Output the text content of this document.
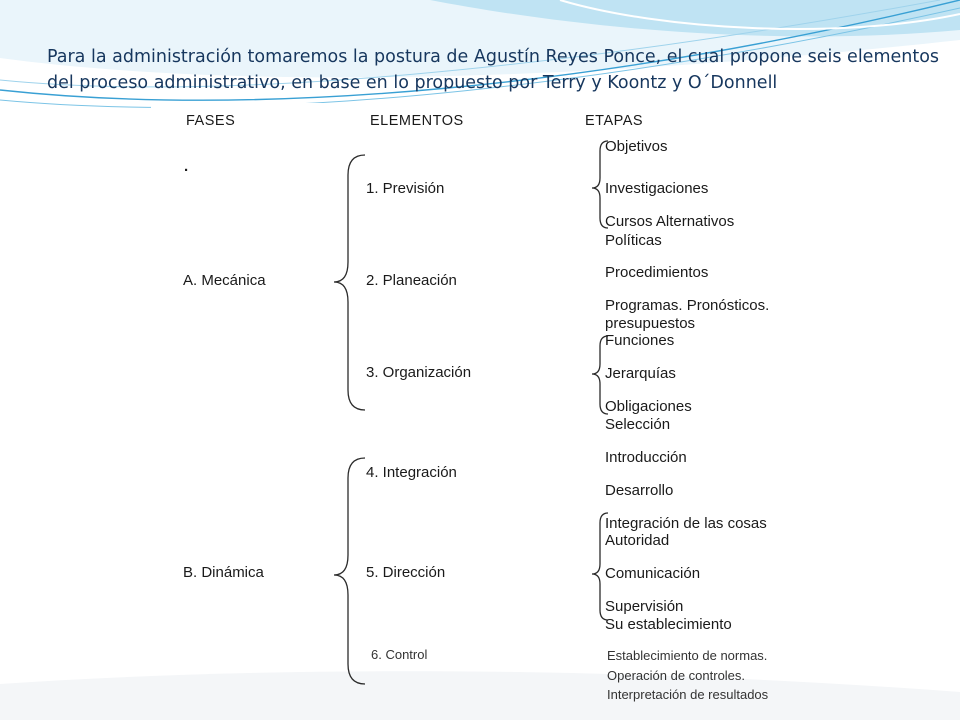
Para la administración tomaremos la postura de Agustín Reyes Ponce, el cual propone seis elementos del proceso administrativo, en base en lo propuesto por Terry y Koontz y O´Donnell
FASES	ELEMENTOS	ETAPAS
.
A. Mecánica
B. Dinámica
1. Previsión
2. Planeación
3. Organización
4. Integración
5. Dirección
6. Control
Objetivos
Investigaciones
Cursos Alternativos
Políticas
Procedimientos
Programas. Pronósticos.
presupuestos
Funciones
Jerarquías
Obligaciones
Selección
Introducción
Desarrollo
Integración de las cosas
Autoridad
Comunicación
Supervisión
Su establecimiento
Establecimiento de normas.
Operación de controles.
Interpretación de resultados
